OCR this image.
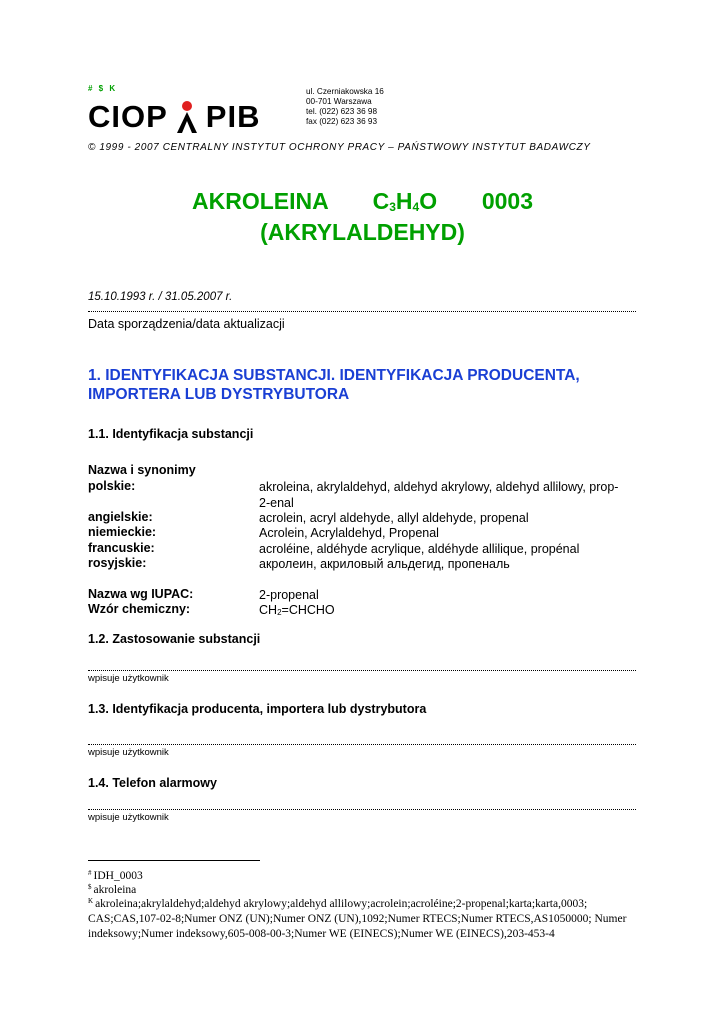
# $ K
CIOP PIB
ul. Czerniakowska 16
00-701 Warszawa
tel. (022) 623 36 98
fax (022) 623 36 93
© 1999 - 2007 CENTRALNY INSTYTUT OCHRONY PRACY – PAŃSTWOWY INSTYTUT BADAWCZY
AKROLEINA $C_3H_4O$ 0003
(AKRYLALDEHYD)
15.10.1993 r. / 31.05.2007 r.
Data sporządzenia/data aktualizacji
1. IDENTYFIKACJA SUBSTANCJI. IDENTYFIKACJA PRODUCENTA, IMPORTERA LUB DYSTRYBUTORA
1.1. Identyfikacja substancji
Nazwa i synonimy
polskie:	akroleina, akrylaldehyd, aldehyd akrylowy, aldehyd allilowy, prop-2-enal
angielskie:	acrolein, acryl aldehyde, allyl aldehyde, propenal
niemieckie:	Acrolein, Acrylaldehyd, Propenal
francuskie:	acroléine, aldéhyde acrylique, aldéhyde allilique, propénal
rosyjskie:	акролеин, акриловый альдегид, пропеналь
Nazwa wg IUPAC:	2-propenal
Wzór chemiczny:	$CH_2=CHCHO$
1.2. Zastosowanie substancji
wpisuje użytkownik
1.3. Identyfikacja producenta, importera lub dystrybutora
wpisuje użytkownik
1.4. Telefon alarmowy
wpisuje użytkownik
# IDH_0003
$ akroleina
$^K$ akroleina;akrylaldehyd;aldehyd akrylowy;aldehyd allilowy;acrolein;acroléine;2-propenal;karta;karta,0003; CAS;CAS,107-02-8;Numer ONZ (UN);Numer ONZ (UN),1092;Numer RTECS;Numer RTECS,AS1050000; Numer indeksowy;Numer indeksowy,605-008-00-3;Numer WE (EINECS);Numer WE (EINECS),203-453-4
